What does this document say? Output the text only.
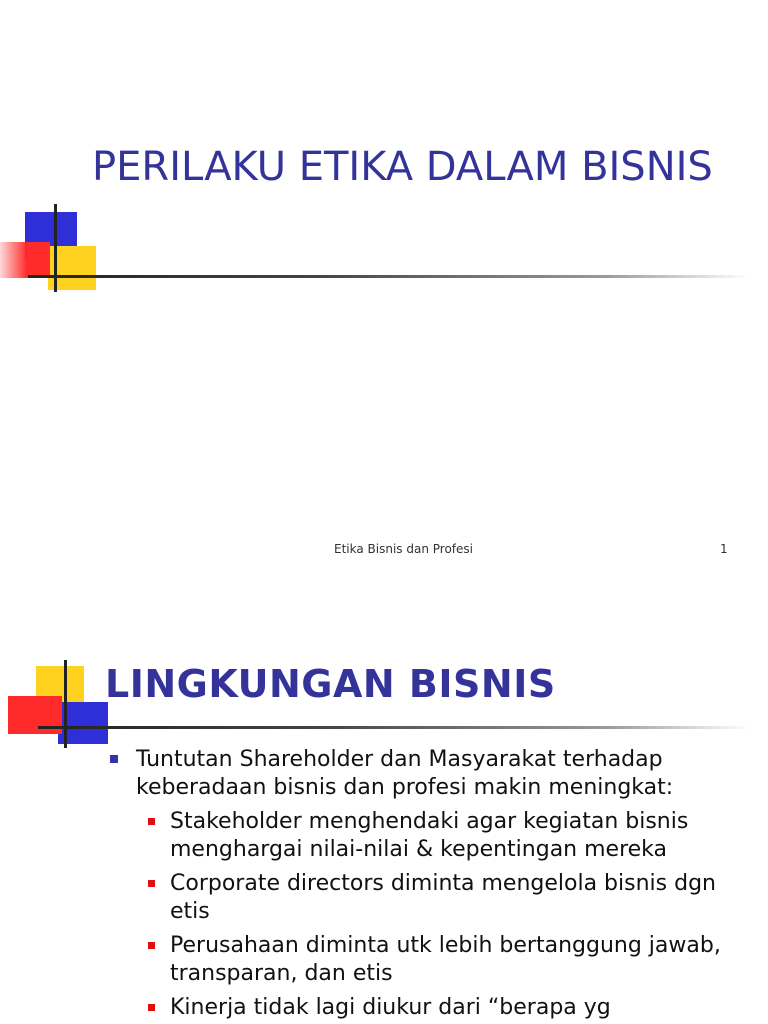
PERILAKU ETIKA DALAM BISNIS
Etika Bisnis dan Profesi	1
LINGKUNGAN BISNIS
Tuntutan Shareholder dan Masyarakat terhadap keberadaan bisnis dan profesi makin meningkat:
Stakeholder menghendaki agar kegiatan bisnis menghargai nilai-nilai & kepentingan mereka
Corporate directors diminta mengelola bisnis dgn etis
Perusahaan diminta utk lebih bertanggung jawab, transparan, dan etis
Kinerja tidak lagi diukur dari “berapa yg
